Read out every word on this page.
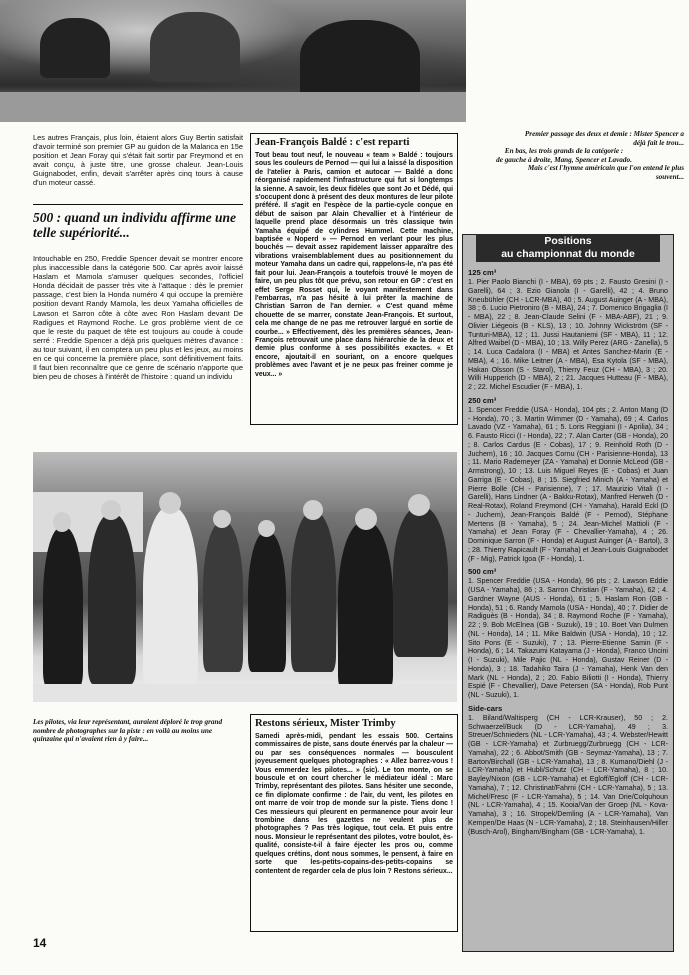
Premier passage des deux et demie : Mister Spencer a
déjà fait le trou...
En bas, les trois grands de la catégorie :
de gauche à droite, Mang, Spencer et Lavado.
Mais c'est l'hymne américain que l'on entend le plus
souvent...
Les autres Français, plus loin, étaient alors Guy Bertin satisfait d'avoir terminé son premier GP au guidon de la Malanca en 15e position et Jean Foray qui s'était fait sortir par Freymond et en avait conçu, à juste titre, une grosse chaleur. Jean-Louis Guignabodet, enfin, devait s'arrêter après cinq tours à cause d'un moteur cassé.
500 : quand un individu affirme une telle supériorité...
Intouchable en 250, Freddie Spencer devait se montrer encore plus inaccessible dans la catégorie 500. Car après avoir laissé Haslam et Mamola s'amuser quelques secondes, l'officiel Honda décidait de passer très vite à l'attaque : dès le premier passage, c'est bien la Honda numéro 4 qui occupe la première position devant Randy Mamola, les deux Yamaha officielles de Lawson et Sarron côte à côte avec Ron Haslam devant De Radigues et Raymond Roche. Le gros problème vient de ce que le reste du paquet de tête est toujours au coude à coude serré : Freddie Spencer a déjà pris quelques mètres d'avance : au tour suivant, il en comptera un peu plus et les jeux, au moins en ce qui concerne la première place, sont définitivement faits. Il faut bien reconnaître que ce genre de scénario n'apporte que bien peu de choses à l'intérêt de l'histoire : quand un individu
Jean-François Baldé : c'est reparti
Tout beau tout neuf, le nouveau « team » Baldé : toujours sous les couleurs de Pernod — qui lui a laissé la disposition de l'atelier à Paris, camion et autocar — Baldé a donc réorganisé rapidement l'infrastructure qui fut si longtemps la sienne. A savoir, les deux fidèles que sont Jo et Dédé, qui s'occupent donc à présent des deux montures de leur pilote préféré. Il s'agit en l'espèce de la partie-cycle conçue en début de saison par Alain Chevallier et à l'intérieur de laquelle prend place désormais un très classique twin Yamaha équipé de cylindres Hummel. Cette machine, baptisée « Noperd » — Pernod en verlant pour les plus bouchés — devait assez rapidement laisser apparaître des vibrations vraisemblablement dues au positionnement du moteur Yamaha dans un cadre qui, rappelons-le, n'a pas été fait pour lui. Jean-François a toutefois trouvé le moyen de faire, un peu plus tôt que prévu, son retour en GP : c'est en effet Serge Rosset qui, le voyant manifestement dans l'embarras, n'a pas hésité à lui prêter la machine de Christian Sarron de l'an dernier. « C'est quand même chouette de se marrer, constate Jean-François. Et surtout, cela me change de ne pas me retrouver largué en sortie de courbe... » Effectivement, dès les premières séances, Jean-François retrouvait une place dans hiérarchie de la deux et demie plus conforme à ses possibilités exactes. « Et encore, ajoutait-il en souriant, on a encore quelques problèmes avec l'avant et je ne peux pas freiner comme je veux... »
Les pilotes, via leur représentant, auraient déploré le trop grand nombre de photographes sur la piste : en voilà au moins une quinzaine qui n'avaient rien à y faire...
Restons sérieux, Mister Trimby
Samedi après-midi, pendant les essais 500. Certains commissaires de piste, sans doute énervés par la chaleur — ou par ses conséquences normales — bousculent joyeusement quelques photographes : « Allez barrez-vous ! Vous emmerdez les pilotes... » (sic). Le ton monte, on se bouscule et on court chercher le médiateur idéal : Marc Trimby, représentant des pilotes. Sans hésiter une seconde, ce fin diplomate confirme : de l'air, du vent, les pilotes en ont marre de voir trop de monde sur la piste. Tiens donc ! Ces messieurs qui pleurent en permanence pour avoir leur trombine dans les gazettes ne veulent plus de photographes ? Pas très logique, tout cela. Et puis entre nous. Monsieur le représentant des pilotes, votre boulot, ès-qualité, consiste-t-il à faire éjecter les pros ou, comme quelques crétins, dont nous sommes, le pensent, à faire en sorte que les-petits-copains-des-petits-copains se contentent de regarder cela de plus loin ? Restons sérieux...
Positions
au championnat du monde
125 cm³
1. Pier Paolo Bianchi (I - MBA), 69 pts ; 2. Fausto Gresini (I - Garelli), 64 ; 3. Ezio Gianola (I - Garelli), 42 ; 4. Bruno Kneubühler (CH - LCR-MBA), 40 ; 5. August Auinger (A - MBA), 38 ; 6. Lucio Pietroniro (B - MBA), 24 ; 7. Domenico Brigaglia (I - MBA), 22 ; 8. Jean-Claude Selini (F - MBA-ABF), 21 ; 9. Olivier Liégeois (B - KLS), 13 ; 10. Johnny Wickström (SF - Tunturi-MBA), 12 ; 11. Jussi Hautaniemi (SF - MBA), 11 ; 12. Alfred Waibel (D - MBA), 10 ; 13. Willy Perez (ARG - Zanella), 5 ; 14. Luca Cadalora (I - MBA) et Antes Sanchez-Marin (E - MBA), 4 ; 16. Mike Leitner (A - MBA), Esa Kytola (SF - MBA), Hakan Olsson (S - Starol), Thierry Feuz (CH - MBA), 3 ; 20. Willi Hupperich (D - MBA), 2 ; 21. Jacques Hutteau (F - MBA), 2 ; 22. Michel Escudier (F - MBA), 1.
250 cm³
1. Spencer Freddie (USA - Honda), 104 pts ; 2. Anton Mang (D - Honda), 70 ; 3. Martin Wimmer (D - Yamaha), 69 ; 4. Carlos Lavado (VZ - Yamaha), 61 ; 5. Loris Reggiani (I - Aprilia), 34 ; 6. Fausto Ricci (I - Honda), 22 ; 7. Alan Carter (GB - Honda), 20 ; 8. Carlos Cardus (E - Cobas), 17 ; 9. Reinhold Roth (D - Juchem), 16 ; 10. Jacques Cornu (CH - Parisienne-Honda), 13 ; 11. Mario Rademeyer (ZA - Yamaha) et Donnie McLeod (GB - Armstrong), 10 ; 13. Luis Miguel Reyes (E - Cobas) et Juan Garriga (E - Cobas), 8 ; 15. Siegfried Minich (A - Yamaha) et Pierre Bolle (CH - Parisienne), 7 ; 17. Maurizio Vitali (I - Garelli), Hans Lindner (A - Bakku-Rotax), Manfred Herweh (D - Real-Rotax), Roland Freymond (CH - Yamaha), Harald Eckl (D - Juchem), Jean-François Baldé (F - Pernod), Stéphane Mertens (B - Yamaha), 5 ; 24. Jean-Michel Mattioli (F - Yamaha) et Jean Foray (F - Chevallier-Yamaha), 4 ; 26. Dominique Sarron (F - Honda) et August Auinger (A - Bartol), 3 ; 28. Thierry Rapicault (F - Yamaha) et Jean-Louis Guignabodet (F - Mig), Patrick Igoa (F - Honda), 1.
500 cm³
1. Spencer Freddie (USA - Honda), 96 pts ; 2. Lawson Eddie (USA - Yamaha), 86 ; 3. Sarron Christian (F - Yamaha), 62 ; 4. Gardner Wayne (AUS - Honda), 61 ; 5. Haslam Ron (GB - Honda), 51 ; 6. Randy Mamola (USA - Honda), 40 ; 7. Didier de Radiguès (B - Honda), 34 ; 8. Raymond Roche (F - Yamaha), 22 ; 9. Bob McElnea (GB - Suzuki), 19 ; 10. Boet Van Dulmen (NL - Honda), 14 ; 11. Mike Baldwin (USA - Honda), 10 ; 12. Sito Pons (E - Suzuki), 7 ; 13. Pierre-Etienne Samin (F - Honda), 6 ; 14. Takazumi Katayama (J - Honda), Franco Uncini (I - Suzuki), Mile Pajic (NL - Honda), Gustav Reiner (D - Honda), 3 ; 18. Tadahiko Taira (J - Yamaha), Henk Van den Mark (NL - Honda), 2 ; 20. Fabio Biliotti (I - Honda), Thierry Espié (F - Chevallier), Dave Petersen (SA - Honda), Rob Punt (NL - Suzuki), 1.
Side-cars
1. Biland/Waltisperg (CH - LCR-Krauser), 50 ; 2. Schwaerzel/Buck (D - LCR-Yamaha), 49 ; 3. Streuer/Schnieders (NL - LCR-Yamaha), 43 ; 4. Webster/Hewitt (GB - LCR-Yamaha) et Zurbruegg/Zurbruegg (CH - LCR-Yamaha), 22 ; 6. Abbot/Smith (GB - Seymaz-Yamaha), 13 ; 7. Barton/Birchall (GB - LCR-Yamaha), 13 ; 8. Kumano/Diehl (J - LCR-Yamaha) et Hubli/Schutz (CH - LCR-Yamaha), 8 ; 10. Bayley/Nixon (GB - LCR-Yamaha) et Egloff/Egloff (CH - LCR-Yamaha), 7 ; 12. Christinat/Fahrni (CH - LCR-Yamaha), 5 ; 13. Michel/Fresc (F - LCR-Yamaha), 5 ; 14. Van Drie/Colquhoun (NL - LCR-Yamaha), 4 ; 15. Kooia/Van der Groep (NL - Kova-Yamaha), 3 ; 16. Stropek/Demling (A - LCR-Yamaha), Van Kempen/De Haas (N - LCR-Yamaha), 2 ; 18. Steinhausen/Hiller (Busch-Arol), Bingham/Bingham (GB - LCR-Yamaha), 1.
14
